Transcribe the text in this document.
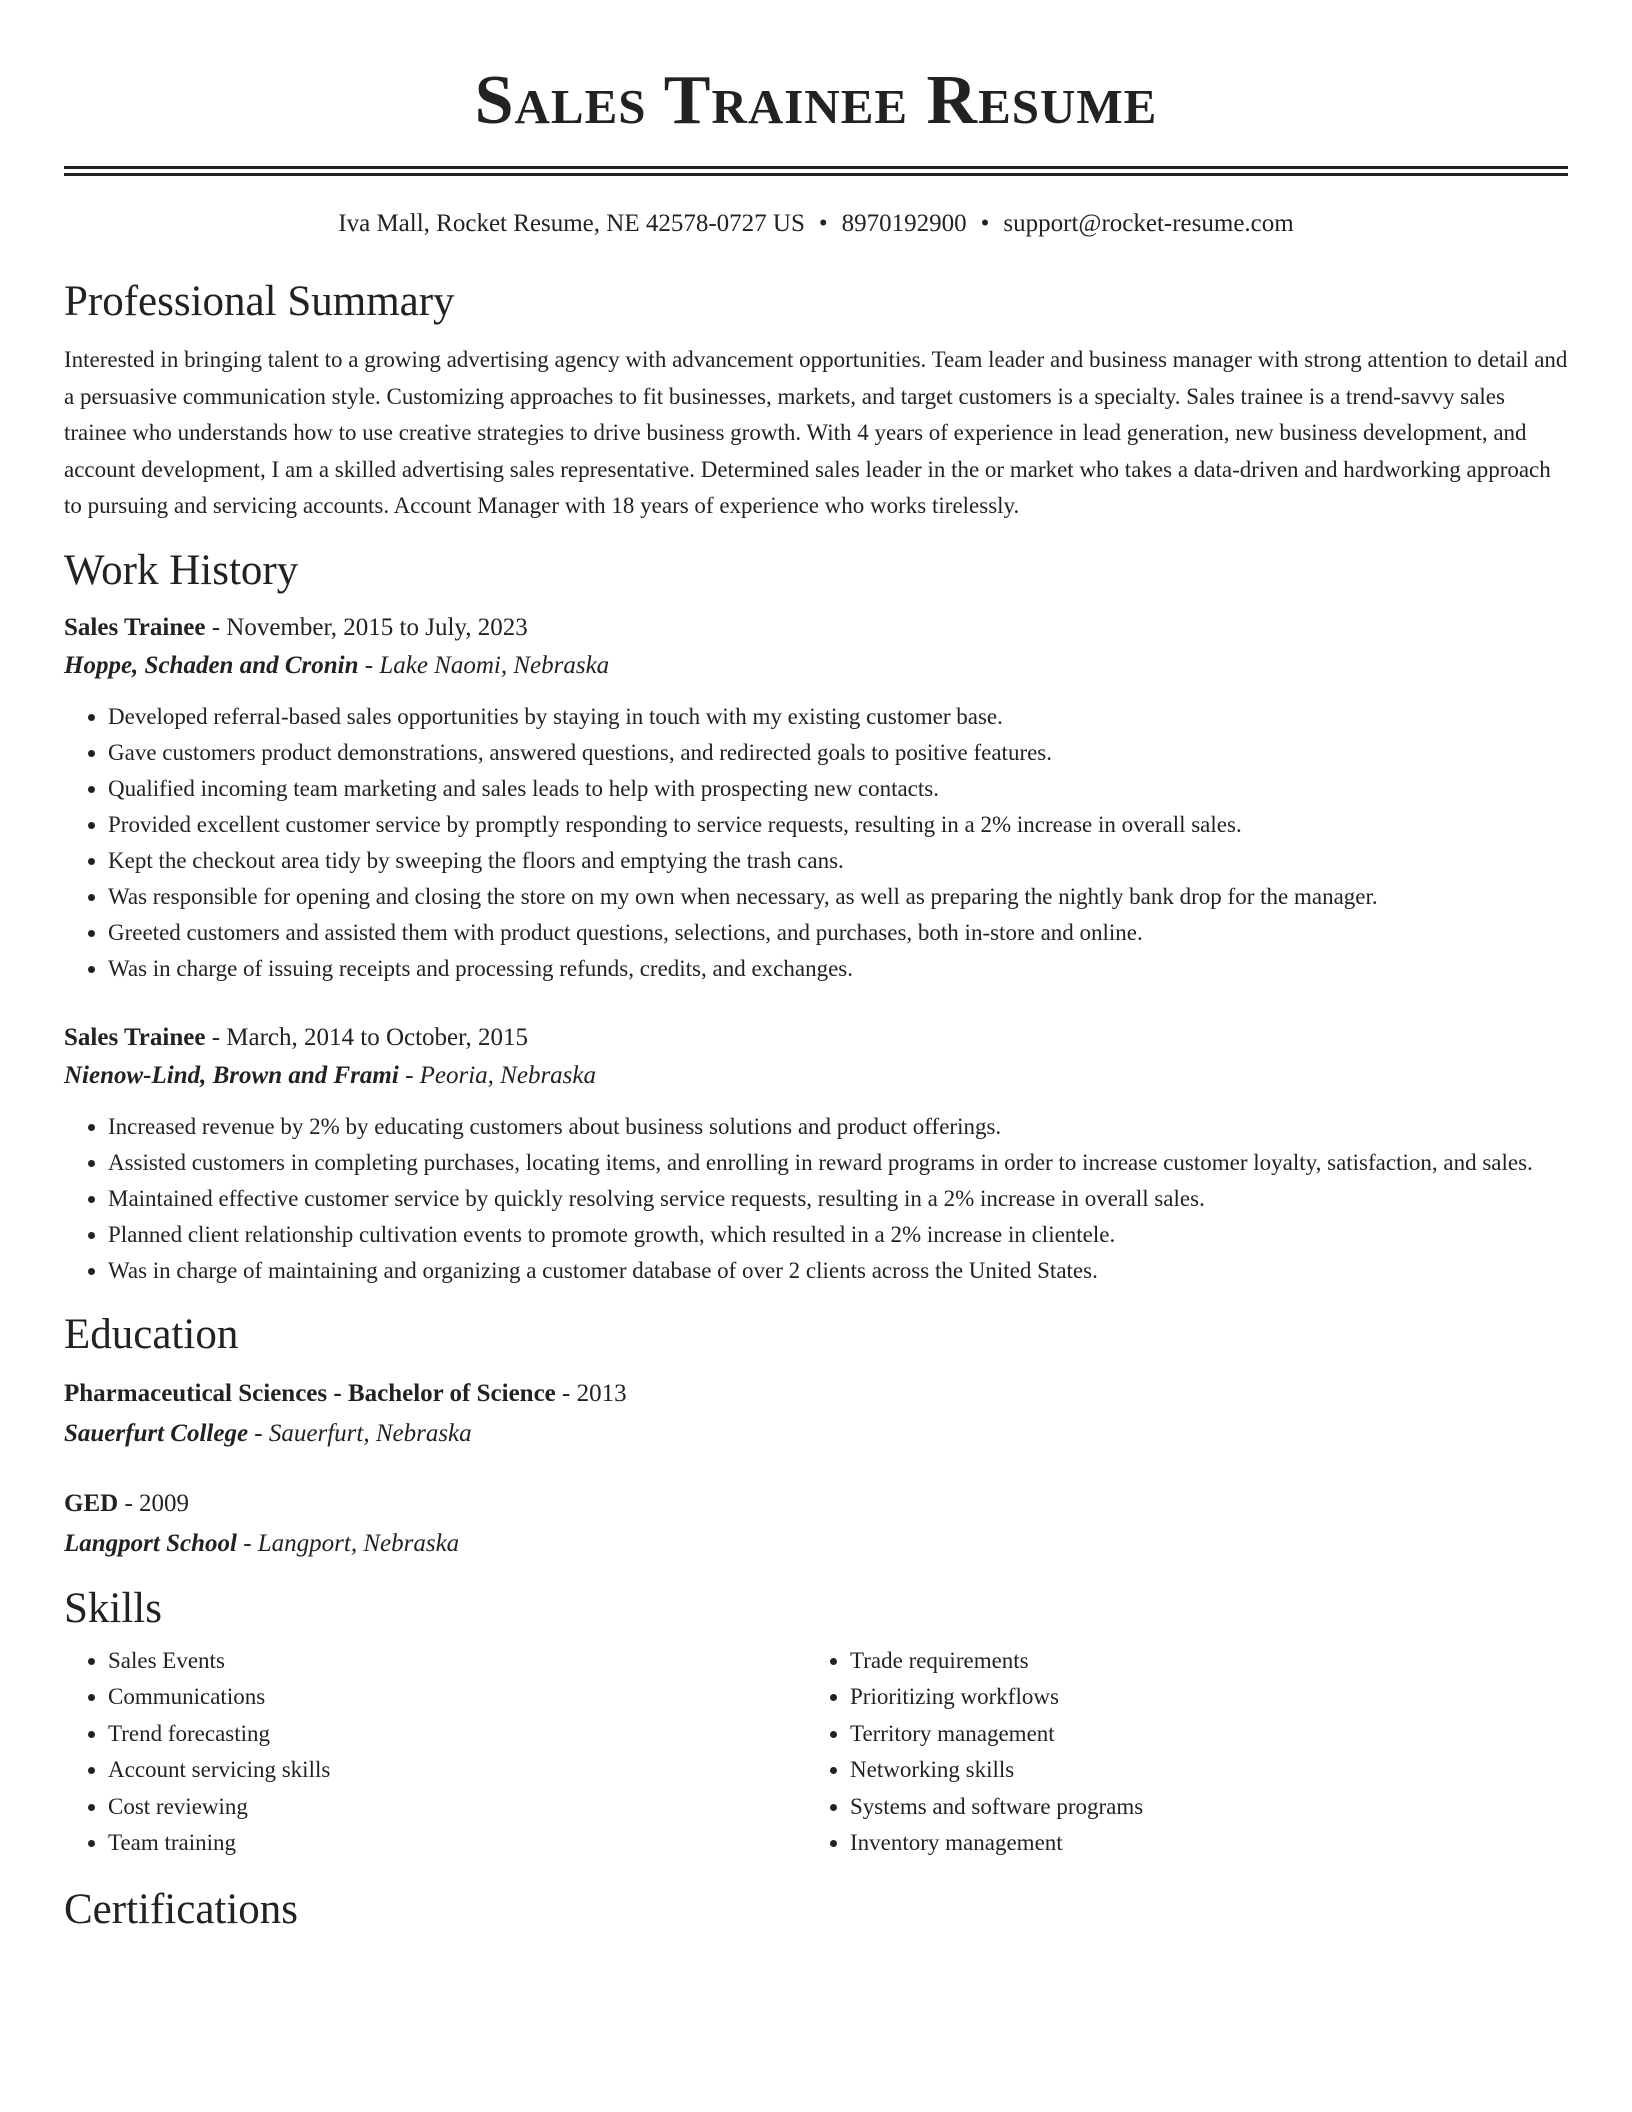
Sales Trainee Resume
Iva Mall, Rocket Resume, NE 42578-0727 US • 8970192900 • support@rocket-resume.com
Professional Summary

Interested in bringing talent to a growing advertising agency with advancement opportunities. Team leader and business manager with strong attention to detail and a persuasive communication style. Customizing approaches to fit businesses, markets, and target customers is a specialty. Sales trainee is a trend-savvy sales trainee who understands how to use creative strategies to drive business growth. With 4 years of experience in lead generation, new business development, and account development, I am a skilled advertising sales representative. Determined sales leader in the or market who takes a data-driven and hardworking approach to pursuing and servicing accounts. Account Manager with 18 years of experience who works tirelessly.

Work History

Sales Trainee - November, 2015 to July, 2023

Hoppe, Schaden and Cronin - Lake Naomi, Nebraska

• Developed referral-based sales opportunities by staying in touch with my existing customer base.
• Gave customers product demonstrations, answered questions, and redirected goals to positive features.
• Qualified incoming team marketing and sales leads to help with prospecting new contacts.
• Provided excellent customer service by promptly responding to service requests, resulting in a 2% increase in overall sales.
• Kept the checkout area tidy by sweeping the floors and emptying the trash cans.
• Was responsible for opening and closing the store on my own when necessary, as well as preparing the nightly bank drop for the manager.
• Greeted customers and assisted them with product questions, selections, and purchases, both in-store and online.
• Was in charge of issuing receipts and processing refunds, credits, and exchanges.

Sales Trainee - March, 2014 to October, 2015

Nienow-Lind, Brown and Frami - Peoria, Nebraska

• Increased revenue by 2% by educating customers about business solutions and product offerings.
• Assisted customers in completing purchases, locating items, and enrolling in reward programs in order to increase customer loyalty, satisfaction, and sales.
• Maintained effective customer service by quickly resolving service requests, resulting in a 2% increase in overall sales.
• Planned client relationship cultivation events to promote growth, which resulted in a 2% increase in clientele.
• Was in charge of maintaining and organizing a customer database of over 2 clients across the United States.
Education

Pharmaceutical Sciences - Bachelor of Science - 2013

Sauerfurt College - Sauerfurt, Nebraska

GED - 2009

Langport School - Langport, Nebraska

Skills
• Sales Events
• Communications
• Trend forecasting
• Account servicing skills
• Cost reviewing
• Team training
• Trade requirements
• Prioritizing workflows
• Territory management
• Networking skills
• Systems and software programs
• Inventory management
Certifications
